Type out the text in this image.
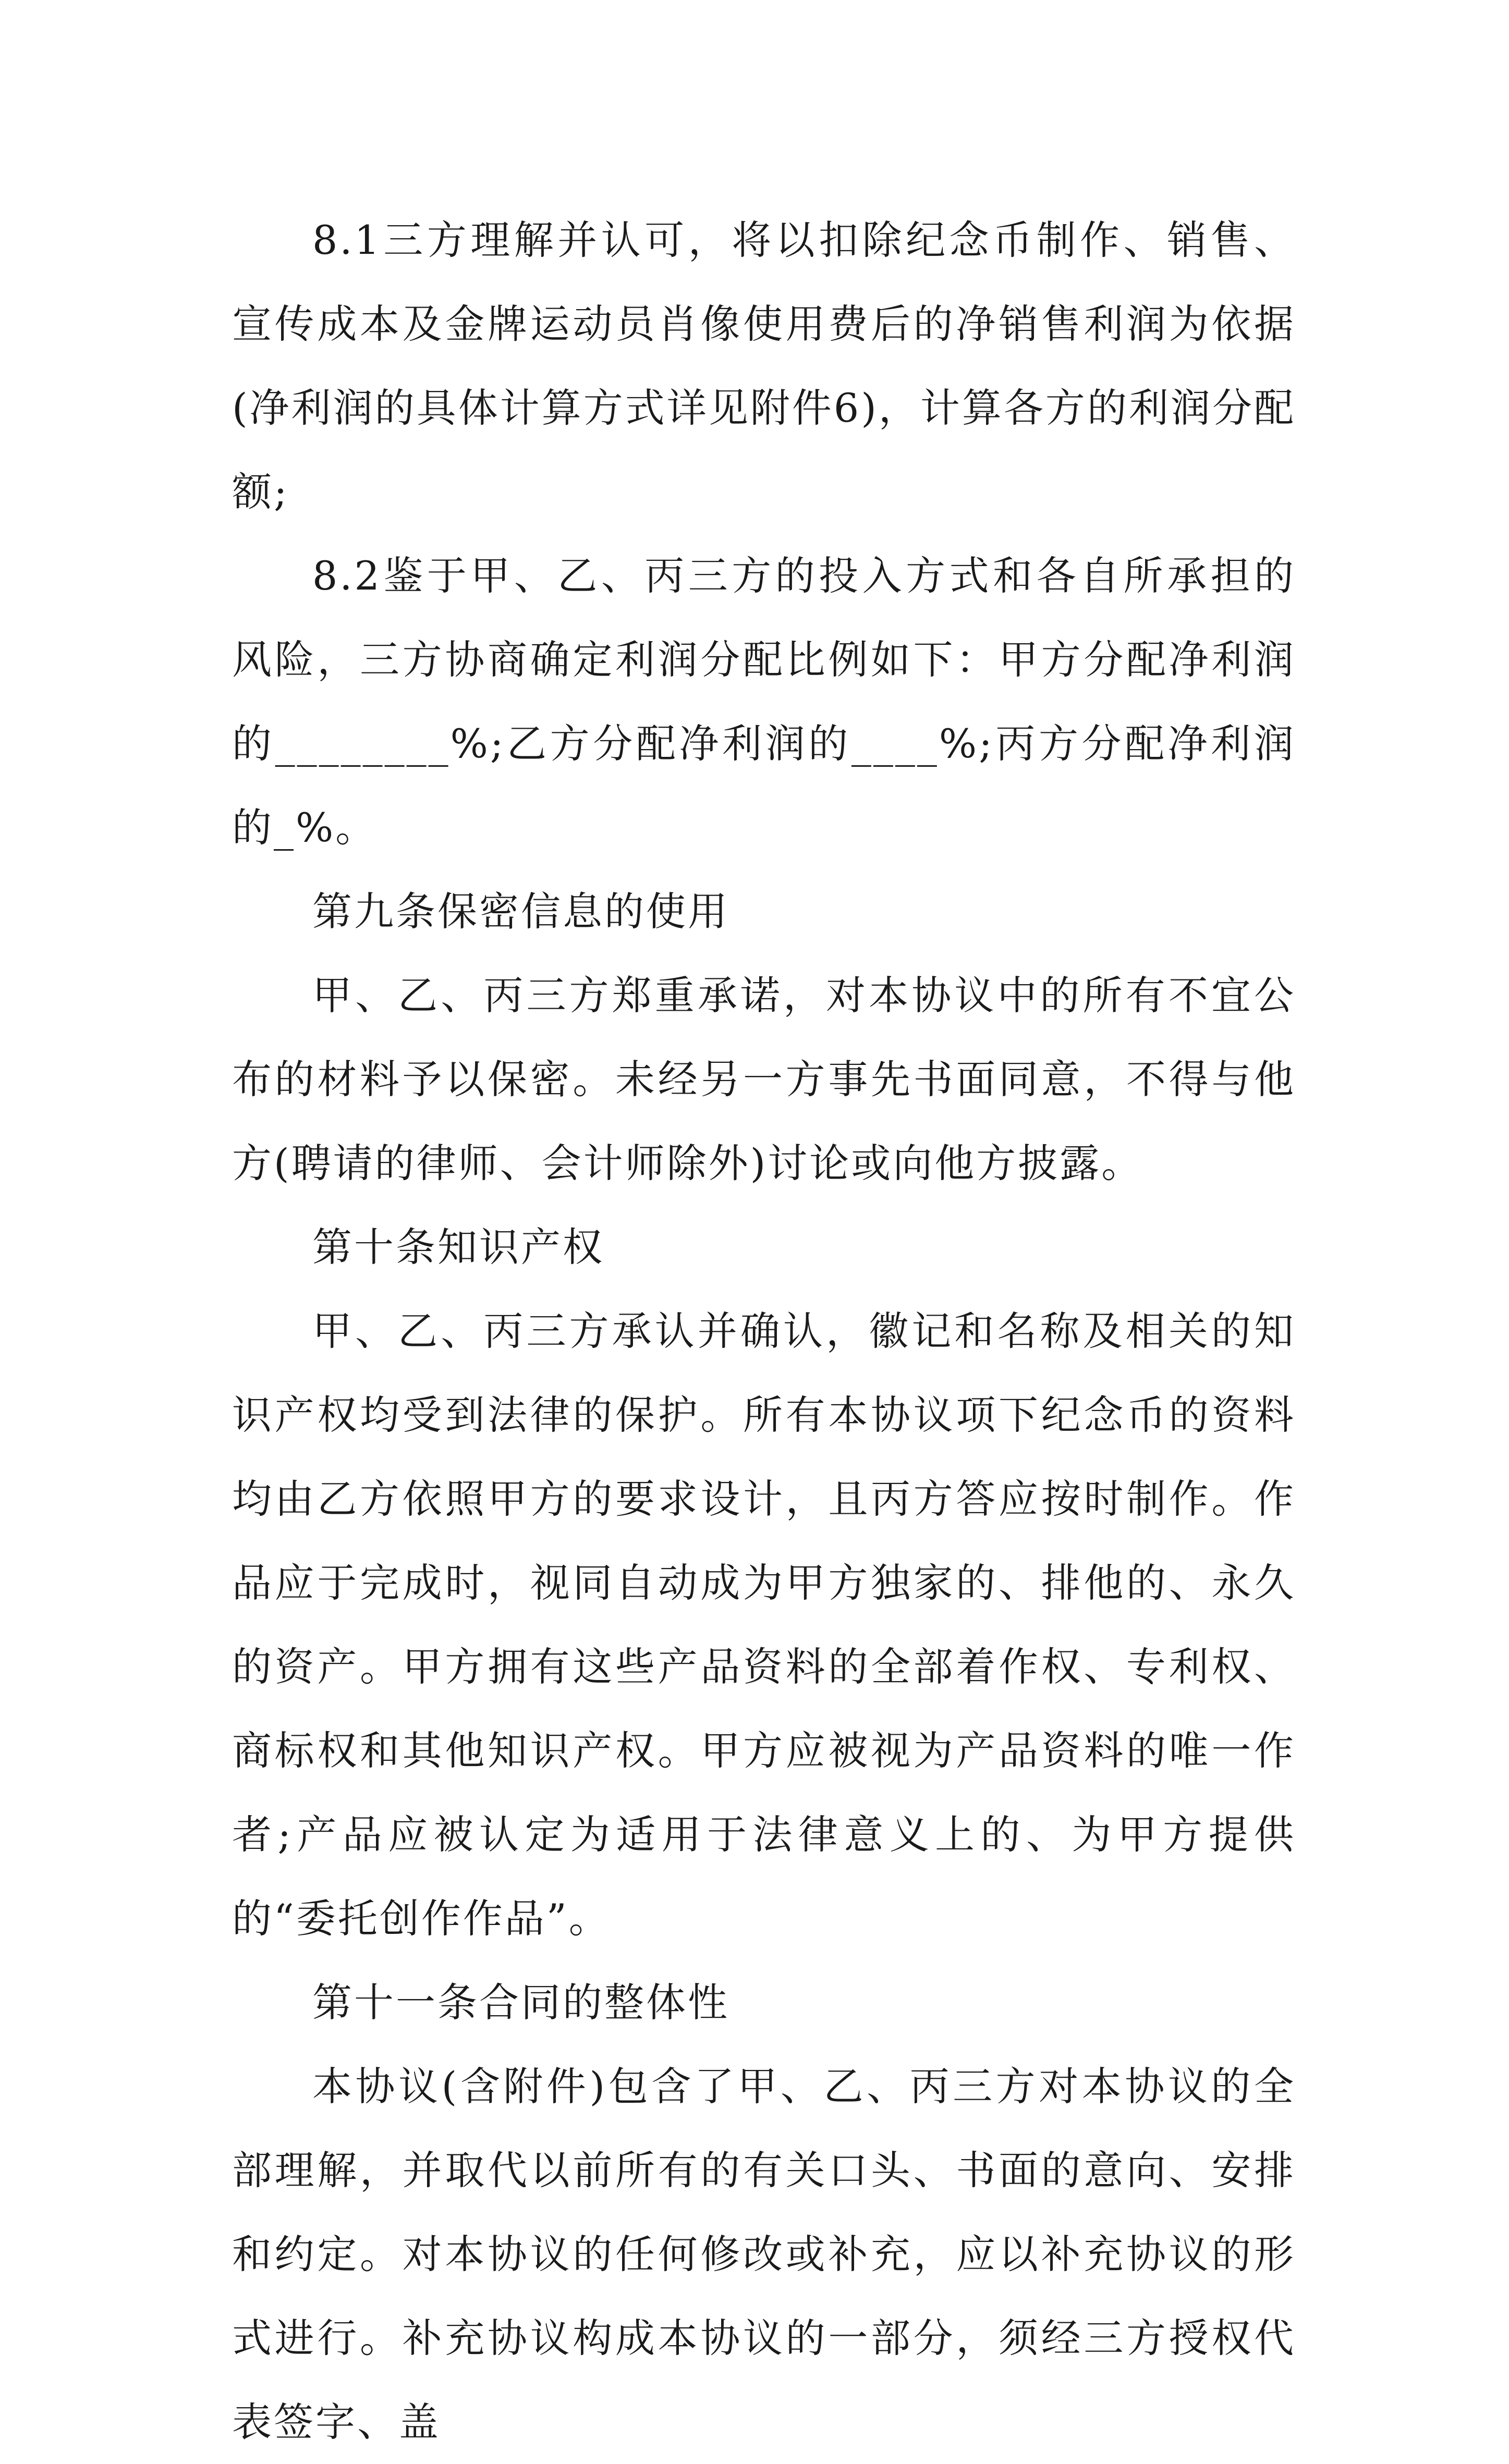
8.1三方理解并认可，将以扣除纪念币制作、销售、宣传成本及金牌运动员肖像使用费后的净销售利润为依据(净利润的具体计算方式详见附件6)，计算各方的利润分配额;

8.2鉴于甲、乙、丙三方的投入方式和各自所承担的风险，三方协商确定利润分配比例如下：甲方分配净利润的________%;乙方分配净利润的____%;丙方分配净利润的_%。

第九条保密信息的使用

甲、乙、丙三方郑重承诺，对本协议中的所有不宜公布的材料予以保密。未经另一方事先书面同意，不得与他方(聘请的律师、会计师除外)讨论或向他方披露。

第十条知识产权

甲、乙、丙三方承认并确认，徽记和名称及相关的知识产权均受到法律的保护。所有本协议项下纪念币的资料均由乙方依照甲方的要求设计，且丙方答应按时制作。作品应于完成时，视同自动成为甲方独家的、排他的、永久的资产。甲方拥有这些产品资料的全部着作权、专利权、商标权和其他知识产权。甲方应被视为产品资料的唯一作者;产品应被认定为适用于法律意义上的、为甲方提供的“委托创作作品”。

第十一条合同的整体性

本协议(含附件)包含了甲、乙、丙三方对本协议的全部理解，并取代以前所有的有关口头、书面的意向、安排和约定。对本协议的任何修改或补充，应以补充协议的形式进行。补充协议构成本协议的一部分，须经三方授权代表签字、盖
